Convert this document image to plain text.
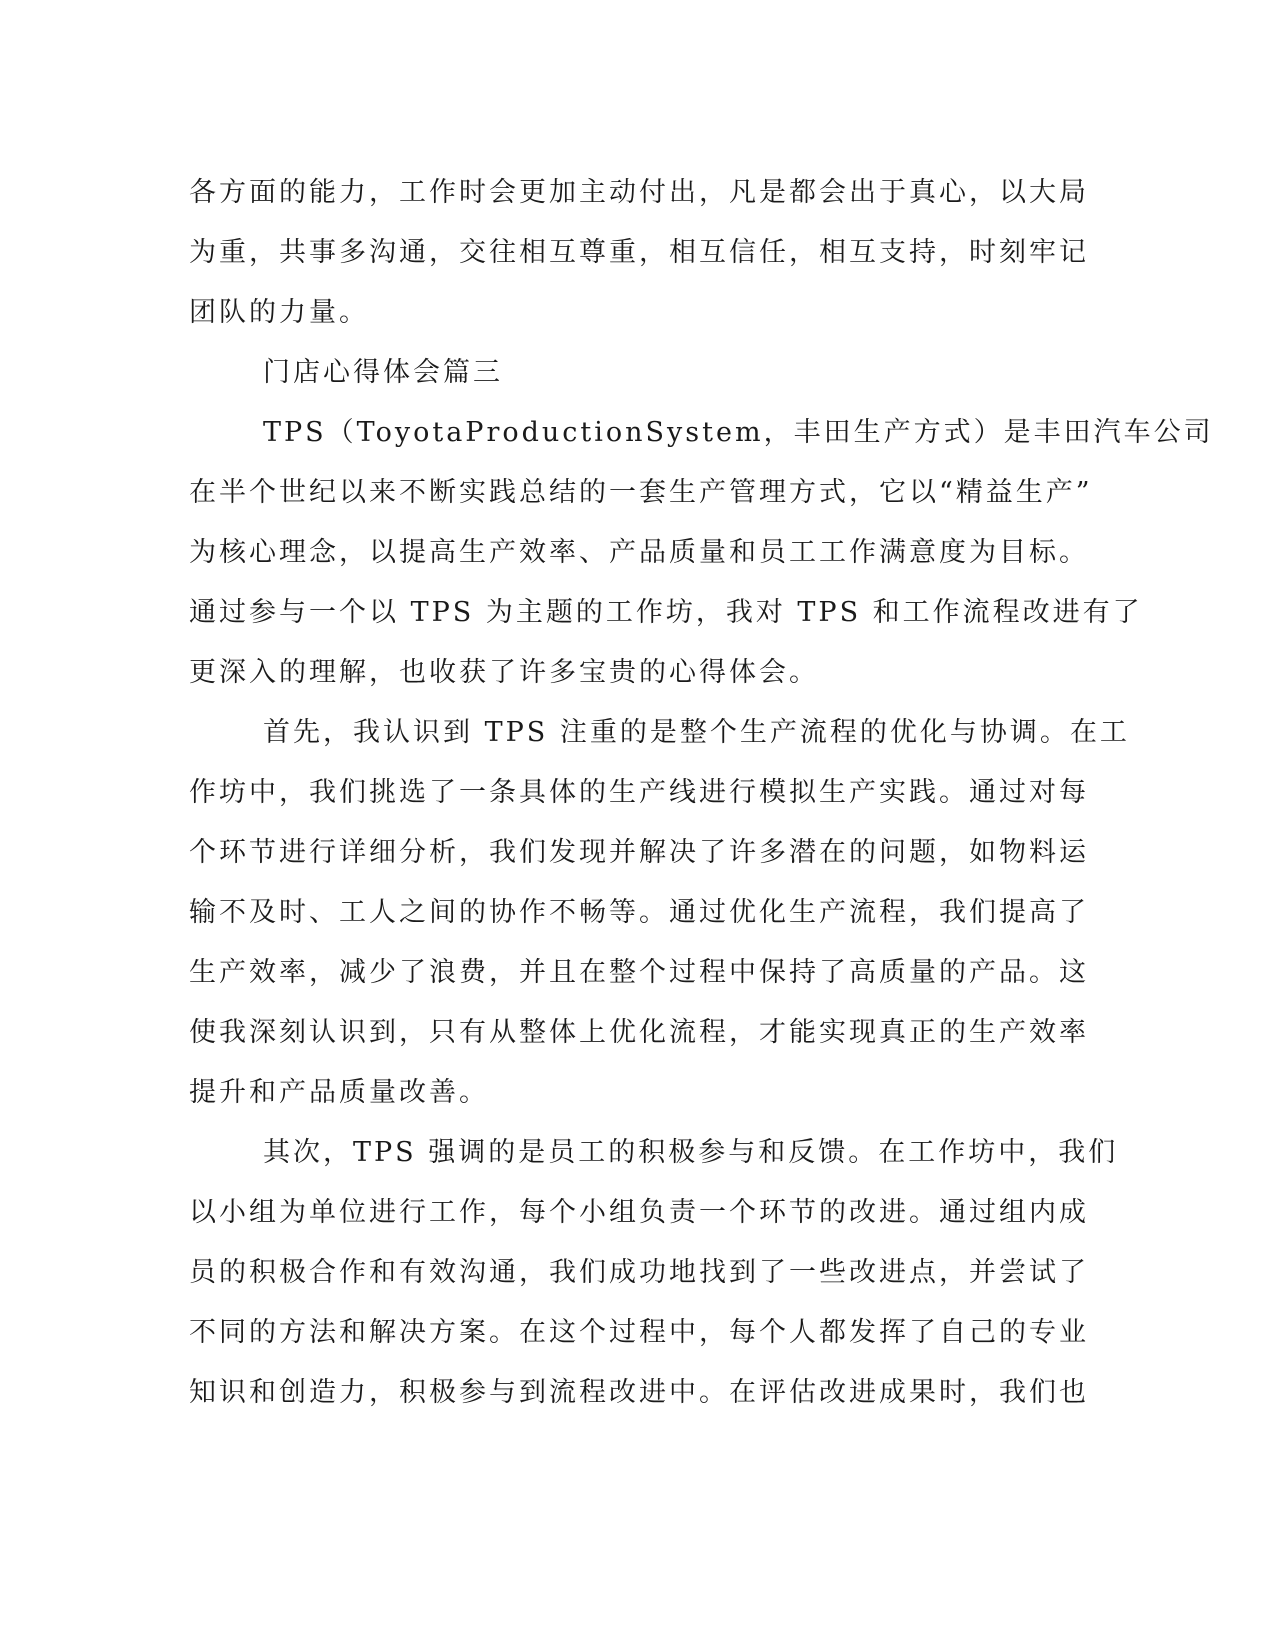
各方面的能力，工作时会更加主动付出，凡是都会出于真心，以大局
为重，共事多沟通，交往相互尊重，相互信任，相互支持，时刻牢记
团队的力量。
门店心得体会篇三
TPS（ToyotaProductionSystem，丰田生产方式）是丰田汽车公司
在半个世纪以来不断实践总结的一套生产管理方式，它以“精益生产”
为核心理念，以提高生产效率、产品质量和员工工作满意度为目标。
通过参与一个以 TPS 为主题的工作坊，我对 TPS 和工作流程改进有了
更深入的理解，也收获了许多宝贵的心得体会。
首先，我认识到 TPS 注重的是整个生产流程的优化与协调。在工
作坊中，我们挑选了一条具体的生产线进行模拟生产实践。通过对每
个环节进行详细分析，我们发现并解决了许多潜在的问题，如物料运
输不及时、工人之间的协作不畅等。通过优化生产流程，我们提高了
生产效率，减少了浪费，并且在整个过程中保持了高质量的产品。这
使我深刻认识到，只有从整体上优化流程，才能实现真正的生产效率
提升和产品质量改善。
其次，TPS 强调的是员工的积极参与和反馈。在工作坊中，我们
以小组为单位进行工作，每个小组负责一个环节的改进。通过组内成
员的积极合作和有效沟通，我们成功地找到了一些改进点，并尝试了
不同的方法和解决方案。在这个过程中，每个人都发挥了自己的专业
知识和创造力，积极参与到流程改进中。在评估改进成果时，我们也
